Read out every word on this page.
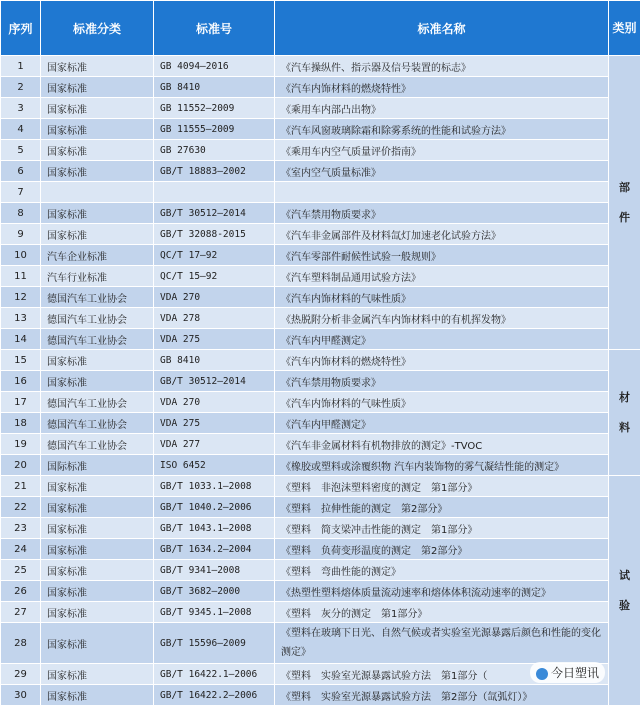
序列	标准分类	标准号	标准名称	类别
1	国家标准	GB 4094—2016	《汽车操纵件、指示器及信号装置的标志》	部
件
2	国家标准	GB 8410	《汽车内饰材料的燃烧特性》	
3	国家标准	GB 11552—2009	《乘用车内部凸出物》	
4	国家标准	GB 11555—2009	《汽车风窗玻璃除霜和除雾系统的性能和试验方法》	
5	国家标准	GB 27630	《乘用车内空气质量评价指南》	
6	国家标准	GB/T 18883—2002	《室内空气质量标准》	
7				
8	国家标准	GB/T 30512—2014	《汽车禁用物质要求》	
9	国家标准	GB/T 32088-2015	《汽车非金属部件及材料氙灯加速老化试验方法》	
10	汽车企业标准	QC/T 17—92	《汽车零部件耐候性试验一般规则》	
11	汽车行业标准	QC/T 15—92	《汽车塑料制品通用试验方法》	
12	德国汽车工业协会	VDA 270	《汽车内饰材料的气味性质》	
13	德国汽车工业协会	VDA 278	《热脱附分析非金属汽车内饰材料中的有机挥发物》	
14	德国汽车工业协会	VDA 275	《汽车内甲醛测定》	
15	国家标准	GB 8410	《汽车内饰材料的燃烧特性》	材
料
16	国家标准	GB/T 30512—2014	《汽车禁用物质要求》	
17	德国汽车工业协会	VDA 270	《汽车内饰材料的气味性质》	
18	德国汽车工业协会	VDA 275	《汽车内甲醛测定》	
19	德国汽车工业协会	VDA 277	《汽车非金属材料有机物排放的测定》-TVOC	
20	国际标准	ISO 6452	《橡胶或塑料或涂覆织物 汽车内装饰物的雾气凝结性能的测定》	
21	国家标准	GB/T 1033.1—2008	《塑料　非泡沫塑料密度的测定　第1部分》	试
验
22	国家标准	GB/T 1040.2—2006	《塑料　拉伸性能的测定　第2部分》	
23	国家标准	GB/T 1043.1—2008	《塑料　简支梁冲击性能的测定　第1部分》	
24	国家标准	GB/T 1634.2—2004	《塑料　负荷变形温度的测定　第2部分》	
25	国家标准	GB/T 9341—2008	《塑料　弯曲性能的测定》	
26	国家标准	GB/T 3682—2000	《热塑性塑料熔体质量流动速率和熔体体积流动速率的测定》	
27	国家标准	GB/T 9345.1—2008	《塑料　灰分的测定　第1部分》	
28	国家标准	GB/T 15596—2009	《塑料在玻璃下日光、自然气候或者实验室光源暴露后颜色和性能的变化测定》	
29	国家标准	GB/T 16422.1—2006	《塑料　实验室光源暴露试验方法　第1部分（	
30	国家标准	GB/T 16422.2—2006	《塑料　实验室光源暴露试验方法　第2部分（氙弧灯）》	
今日塑讯
